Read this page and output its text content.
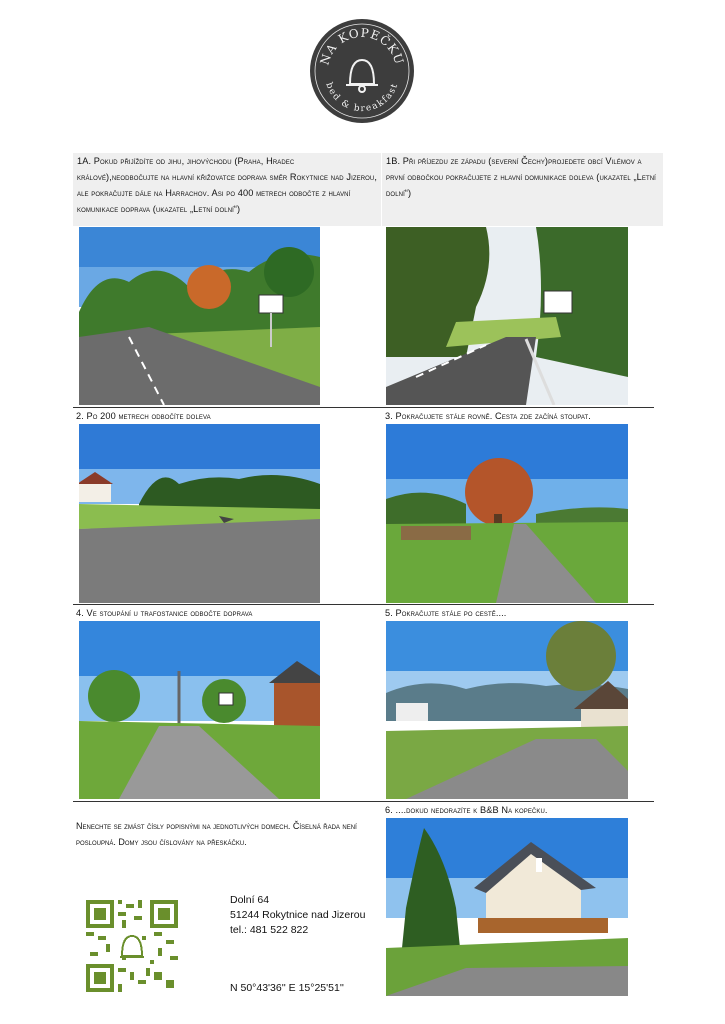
NA KOPEČKU
bed & breakfast
1A. Pokud přijíždíte od jihu, jihovýchodu (Praha, Hradec králové),neodbočujte na hlavní křižovatce doprava směr Rokytnice nad Jizerou, ale pokračujte dále na Harrachov. Asi po 400 metrech odbočte z hlavní komunikace doprava (ukazatel „Letní dolní“)
1B. Při příjezdu ze západu (severní Čechy)projedete obcí Vilémov a první odbočkou pokračujete z hlavní domunikace doleva (ukazatel „Letní dolní“)
2. Po 200 metrech odbočíte doleva	3. Pokračujete stále rovně. Cesta zde začíná stoupat.
4. Ve stoupání u trafostanice odbočte doprava	5. Pokračujte stále po cestě....
6. ....dokud nedorazíte k B&B Na kopečku.
Nenechte se zmást čísly popisnými na jednotlivých domech. Číselná řada není posloupná. Domy jsou číslovány na přeskáčku.
Dolní 64
51244 Rokytnice nad Jizerou
tel.: 481 522 822
N 50°43'36'' E 15°25'51''
